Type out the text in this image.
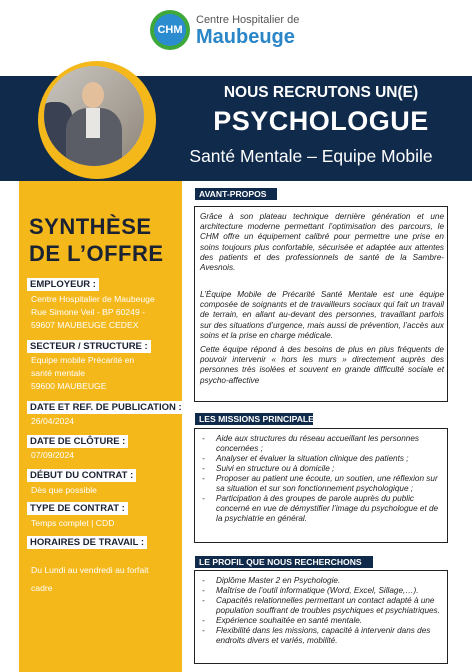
CHM
Centre Hospitalier de
Maubeuge
NOUS RECRUTONS UN(E)
PSYCHOLOGUE
Santé Mentale – Equipe Mobile
SYNTHÈSE
DE L’OFFRE
EMPLOYEUR :
Centre Hospitalier de Maubeuge
Rue Simone Veil - BP 60249 -
59607 MAUBEUGE CEDEX
SECTEUR / STRUCTURE :
Equipe mobile Précarité en
santé mentale
59600 MAUBEUGE
DATE ET REF. DE PUBLICATION :
26/04/2024
DATE DE CLÔTURE :
07/09/2024
DÉBUT DU CONTRAT :
Dès que possible
TYPE DE CONTRAT :
Temps complet | CDD
HORAIRES DE TRAVAIL :
Du Lundi au vendredi au forfait
cadre
AVANT-PROPOS
Grâce à son plateau technique dernière génération et une architecture moderne permettant l’optimisation des parcours, le CHM offre un équipement calibré pour permettre une prise en soins toujours plus confortable, sécurisée et adaptée aux attentes des patients et des professionnels de santé de la Sambre-Avesnois.
L’Équipe Mobile de Précarité Santé Mentale est une équipe composée de soignants et de travailleurs sociaux qui fait un travail de terrain, en allant au-devant des personnes, travaillant parfois sur des situations d’urgence, mais aussi de prévention, l’accès aux soins et la prise en charge médicale.
Cette équipe répond à des besoins de plus en plus fréquents de pouvoir intervenir « hors les murs » directement auprès des personnes très isolées et souvent en grande difficulté sociale et psycho-affective
LES MISSIONS PRINCIPALES
- Aide aux structures du réseau accueillant les personnes concernées ;
- Analyser et évaluer la situation clinique des patients ;
- Suivi en structure ou à domicile ;
- Proposer au patient une écoute, un soutien, une réflexion sur sa situation et sur son fonctionnement psychologique ;
- Participation à des groupes de parole auprès du public concerné en vue de démystifier l’image du psychologue et de la psychiatrie en général.
LE PROFIL QUE NOUS RECHERCHONS
- Diplôme Master 2 en Psychologie.
- Maîtrise de l’outil informatique (Word, Excel, Sillage,…).
- Capacités relationnelles permettant un contact adapté à une population souffrant de troubles psychiques et psychiatriques.
- Expérience souhaitée en santé mentale.
- Flexibilité dans les missions, capacité à intervenir dans des endroits divers et variés, mobilité.
